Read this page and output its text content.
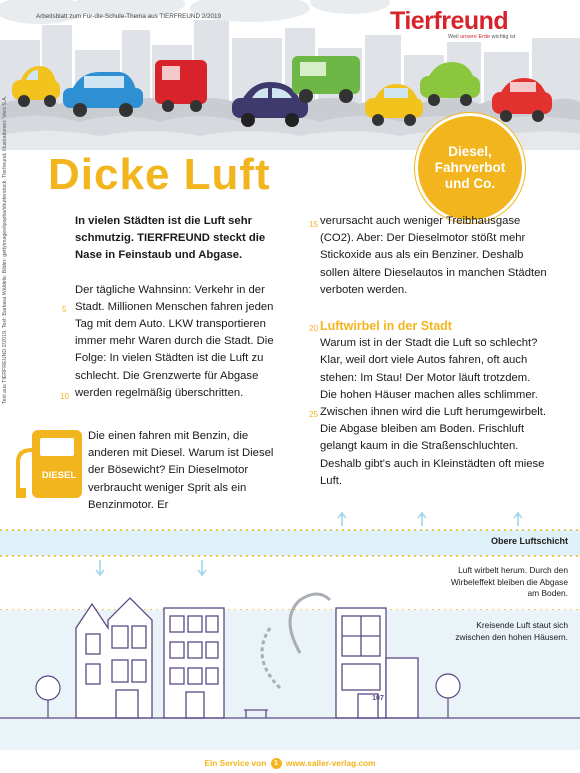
Arbeitsblatt zum Für-die-Schule-Thema aus TIERFREUND 2/2019	Tierfreund
Weil unsere Erde wichtig ist
Dicke Luft	Diesel, Fahrverbot und Co.
Text aus TIERFREUND 2/2019. Text: Barbara Wäldele. Bilder: gettyimages/ipopba/shutterstock, Tierfreund; Illustrationen: Vero S.A.	In vielen Städten ist die Luft sehr schmutzig. TIERFREUND steckt die Nase in Feinstaub und Abgase.

Der tägliche Wahnsinn: Verkehr in der Stadt. Millionen Menschen fahren jeden Tag mit dem Auto. LKW transportieren immer mehr Waren durch die Stadt. Die Folge: In vielen Städten ist die Luft zu schlecht. Die Grenzwerte für Abgase werden regelmäßig überschritten.

Die einen fahren mit Benzin, die anderen mit Diesel. Warum ist Diesel der Bösewicht? Ein Dieselmotor verbraucht weniger Sprit als ein Benzinmotor. Er
5
10
15
20
25
DIESEL

verursacht auch weniger Treibhausgase (CO2). Aber: Der Dieselmotor stößt mehr Stickoxide aus als ein Benziner. Deshalb sollen ältere Dieselautos in manchen Städten verboten werden.

Luftwirbel in der Stadt

Warum ist in der Stadt die Luft so schlecht? Klar, weil dort viele Autos fahren, oft auch stehen: Im Stau! Der Motor läuft trotzdem. Die hohen Häuser machen alles schlimmer. Zwischen ihnen wird die Luft herumgewirbelt. Die Abgase bleiben am Boden. Frischluft gelangt kaum in die Straßenschluchten. Deshalb gibt's auch in Kleinstädten oft miese Luft.

107
Obere Luftschicht
Luft wirbelt herum. Durch den Wirbeleffekt bleiben die Abgase am Boden.
Kreisende Luft staut sich zwischen den hohen Häusern.
Ein Service von 1 www.sailer-verlag.com
